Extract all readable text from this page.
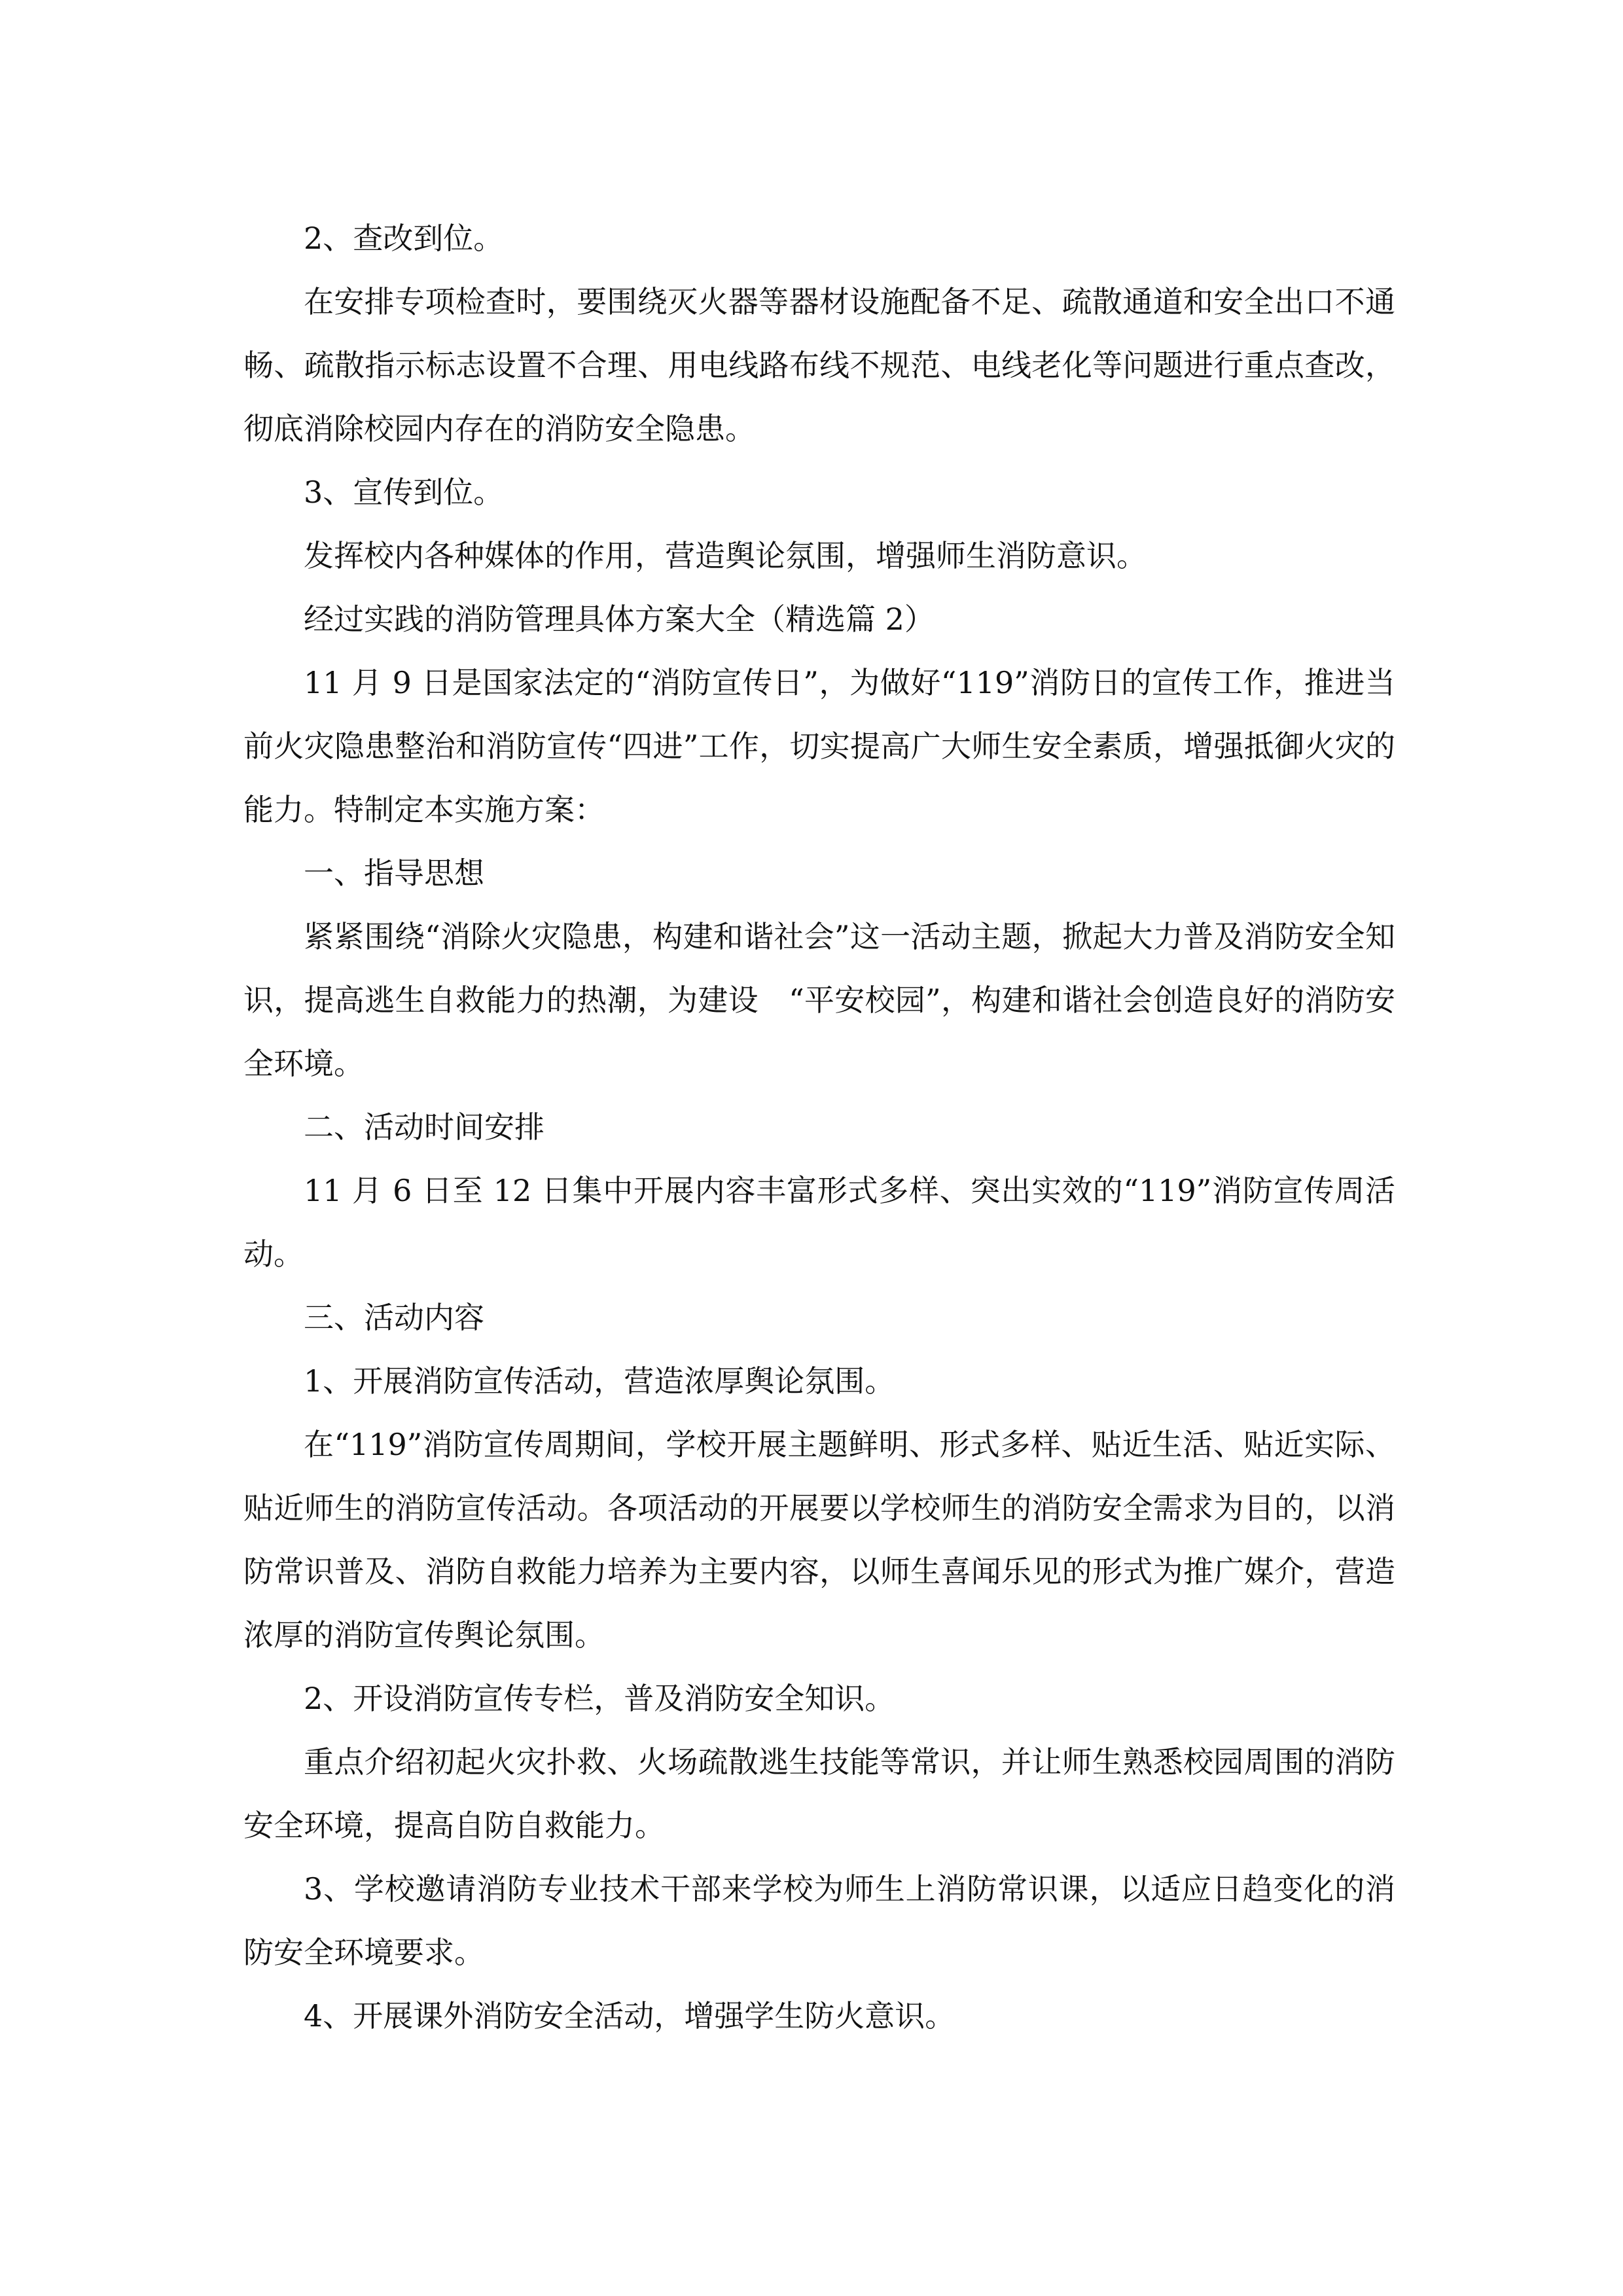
2、查改到位。

在安排专项检查时，要围绕灭火器等器材设施配备不足、疏散通道和安全出口不通畅、疏散指示标志设置不合理、用电线路布线不规范、电线老化等问题进行重点查改，彻底消除校园内存在的消防安全隐患。

3、宣传到位。

发挥校内各种媒体的作用，营造舆论氛围，增强师生消防意识。

经过实践的消防管理具体方案大全（精选篇 2）

11 月 9 日是国家法定的“消防宣传日”，为做好“119”消防日的宣传工作，推进当前火灾隐患整治和消防宣传“四进”工作，切实提高广大师生安全素质，增强抵御火灾的能力。特制定本实施方案：

一、指导思想

紧紧围绕“消除火灾隐患，构建和谐社会”这一活动主题，掀起大力普及消防安全知识，提高逃生自救能力的热潮，为建设　“平安校园”，构建和谐社会创造良好的消防安全环境。

二、活动时间安排

11 月 6 日至 12 日集中开展内容丰富形式多样、突出实效的“119”消防宣传周活动。

三、活动内容

1、开展消防宣传活动，营造浓厚舆论氛围。

在“119”消防宣传周期间，学校开展主题鲜明、形式多样、贴近生活、贴近实际、贴近师生的消防宣传活动。各项活动的开展要以学校师生的消防安全需求为目的，以消防常识普及、消防自救能力培养为主要内容，以师生喜闻乐见的形式为推广媒介，营造浓厚的消防宣传舆论氛围。

2、开设消防宣传专栏，普及消防安全知识。

重点介绍初起火灾扑救、火场疏散逃生技能等常识，并让师生熟悉校园周围的消防安全环境，提高自防自救能力。

3、学校邀请消防专业技术干部来学校为师生上消防常识课，以适应日趋变化的消防安全环境要求。

4、开展课外消防安全活动，增强学生防火意识。
